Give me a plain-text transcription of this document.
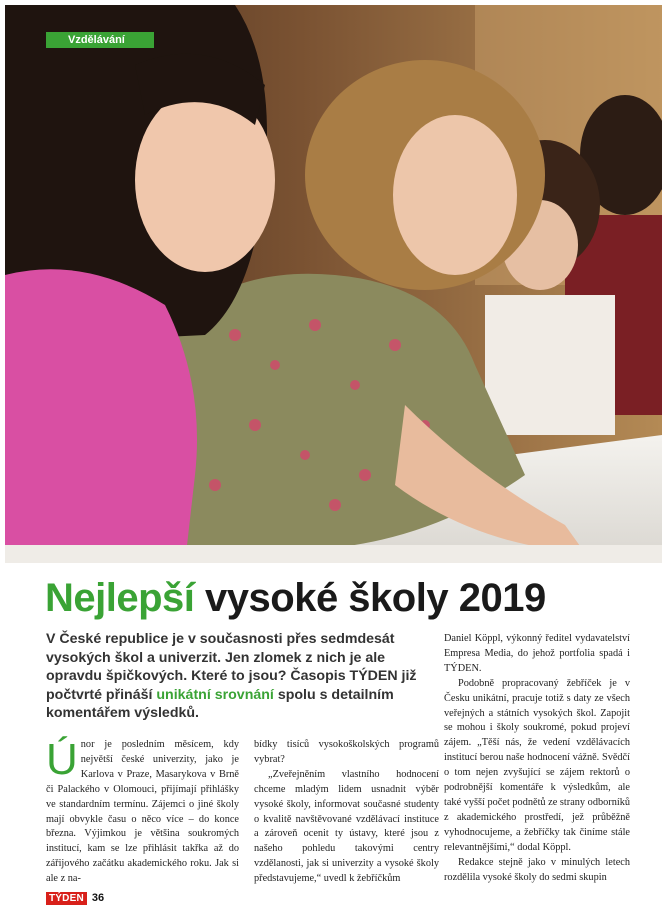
Vzdělávání
Nejlepší vysoké školy 2019
V České republice je v současnosti přes sedmdesát vysokých škol a univerzit. Jen zlomek z nich je ale opravdu špičkových. Které to jsou? Časopis TÝDEN již počtvrté přináší unikátní srovnání spolu s detailním komentářem výsledků.

Únor je posledním měsícem, kdy největší české univerzity, jako je Karlova v Praze, Masarykova v Brně či Palackého v Olomouci, přijímají přihlášky ve standardním termínu. Zájemci o jiné školy mají obvykle času o něco více – do konce března. Výjimkou je většina soukromých institucí, kam se lze přihlásit takřka až do zářijového začátku akademického roku. Jak si ale z na-

bídky tisíců vysokoškolských programů vybrat?

„Zveřejněním vlastního hodnocení chceme mladým lidem usnadnit výběr vysoké školy, informovat současné studenty o kvalitě navštěvované vzdělávací instituce a zároveň ocenit ty ústavy, které jsou z našeho pohledu takovými centry vzdělanosti, jak si univerzity a vysoké školy představujeme,“ uvedl k žebříčkům

Daniel Köppl, výkonný ředitel vydavatelství Empresa Media, do jehož portfolia spadá i TÝDEN.

Podobně propracovaný žebříček je v Česku unikátní, pracuje totiž s daty ze všech veřejných a státních vysokých škol. Zapojit se mohou i školy soukromé, pokud projeví zájem. „Těší nás, že vedení vzdělávacích institucí berou naše hodnocení vážně. Svědčí o tom nejen zvyšující se zájem rektorů o podrobnější komentáře k výsledkům, ale také vyšší počet podnětů ze strany odborníků z akademického prostředí, jež průběžně vyhodnocujeme, a žebříčky tak činíme stále relevantnějšími,“ dodal Köppl.

Redakce stejně jako v minulých letech rozdělila vysoké školy do sedmi skupin

TÝDEN 36
